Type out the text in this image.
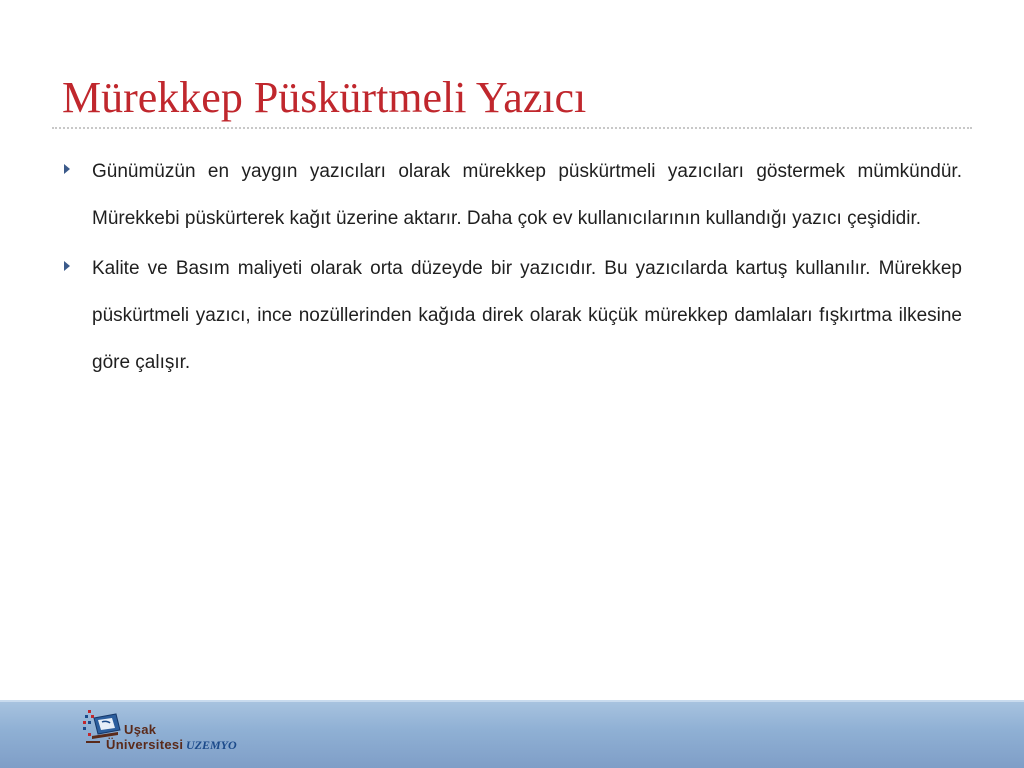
Mürekkep Püskürtmeli Yazıcı
Günümüzün en yaygın yazıcıları olarak mürekkep püskürtmeli yazıcıları göstermek mümkündür. Mürekkebi püskürterek kağıt üzerine aktarır. Daha çok ev kullanıcılarının kullandığı yazıcı çeşididir.
Kalite ve Basım maliyeti olarak orta düzeyde bir yazıcıdır. Bu yazıcılarda kartuş kullanılır. Mürekkep püskürtmeli yazıcı, ince nozüllerinden kağıda direk olarak küçük mürekkep damlaları fışkırtma ilkesine göre çalışır.
Uşak
Üniversitesi UZEMYO
